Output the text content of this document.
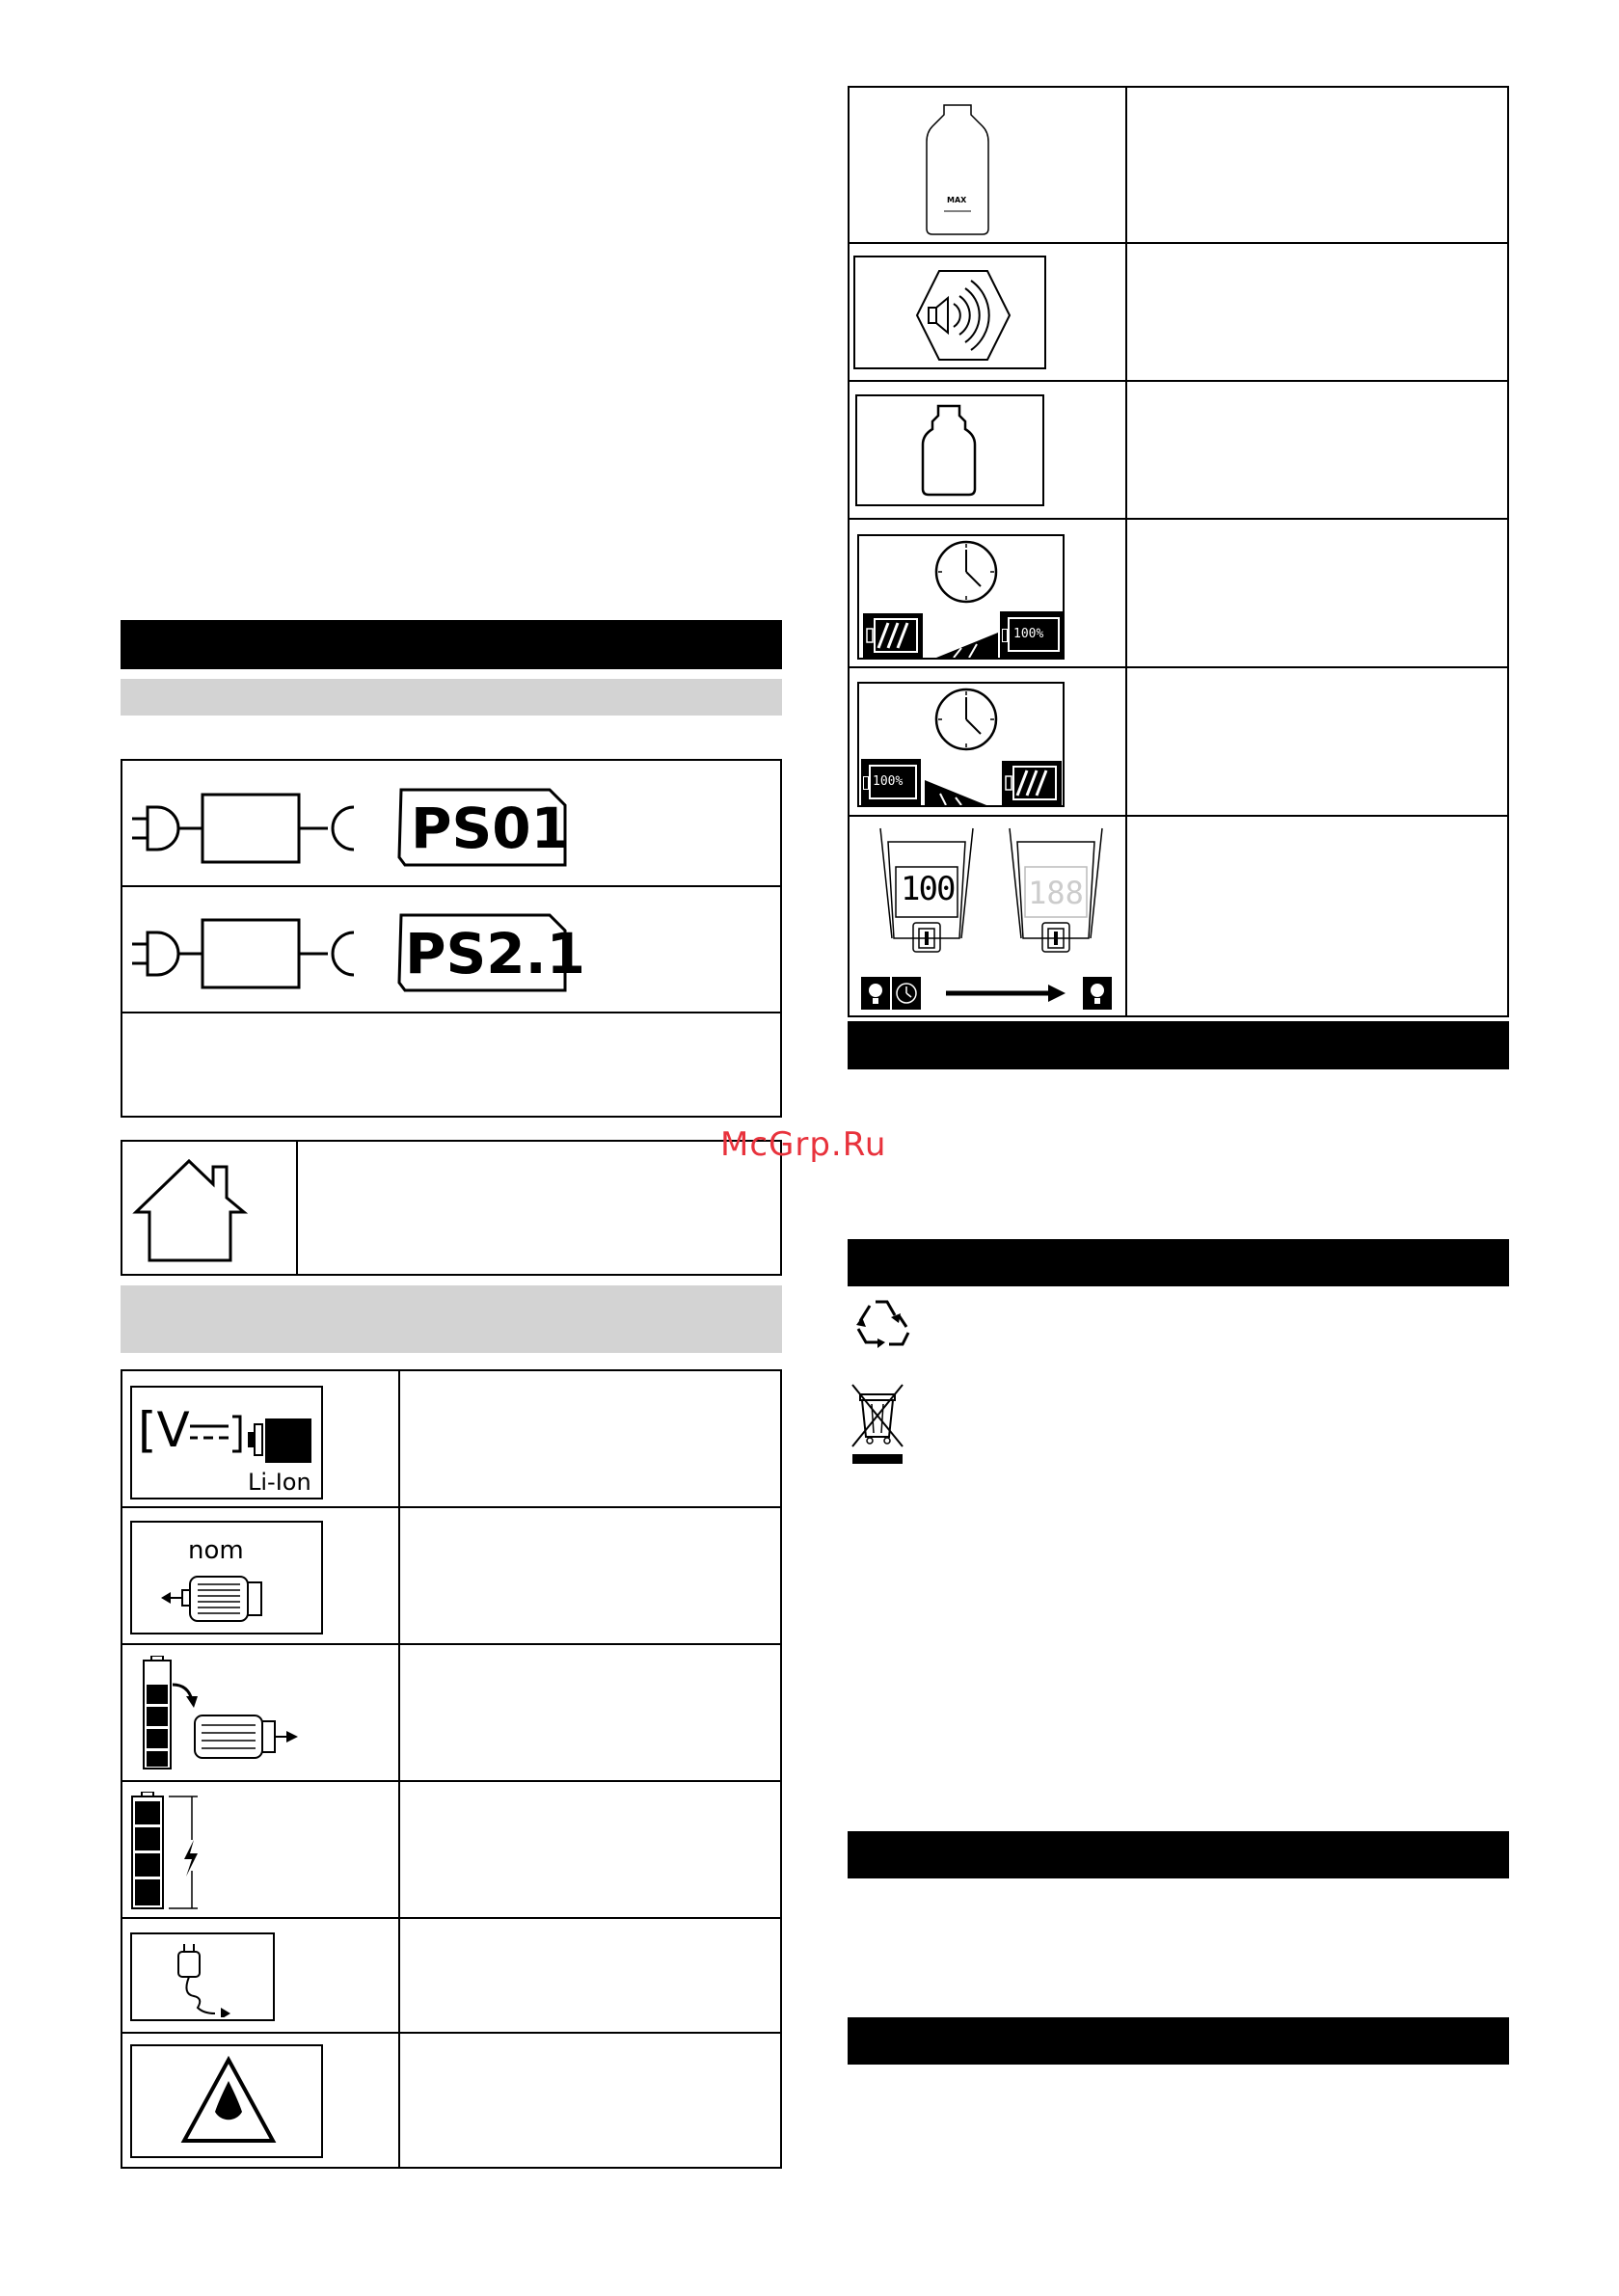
PS01
PS2.1
[V
Li-Ion
nom
MAX
100%
100%
188
100
McGrp.Ru
